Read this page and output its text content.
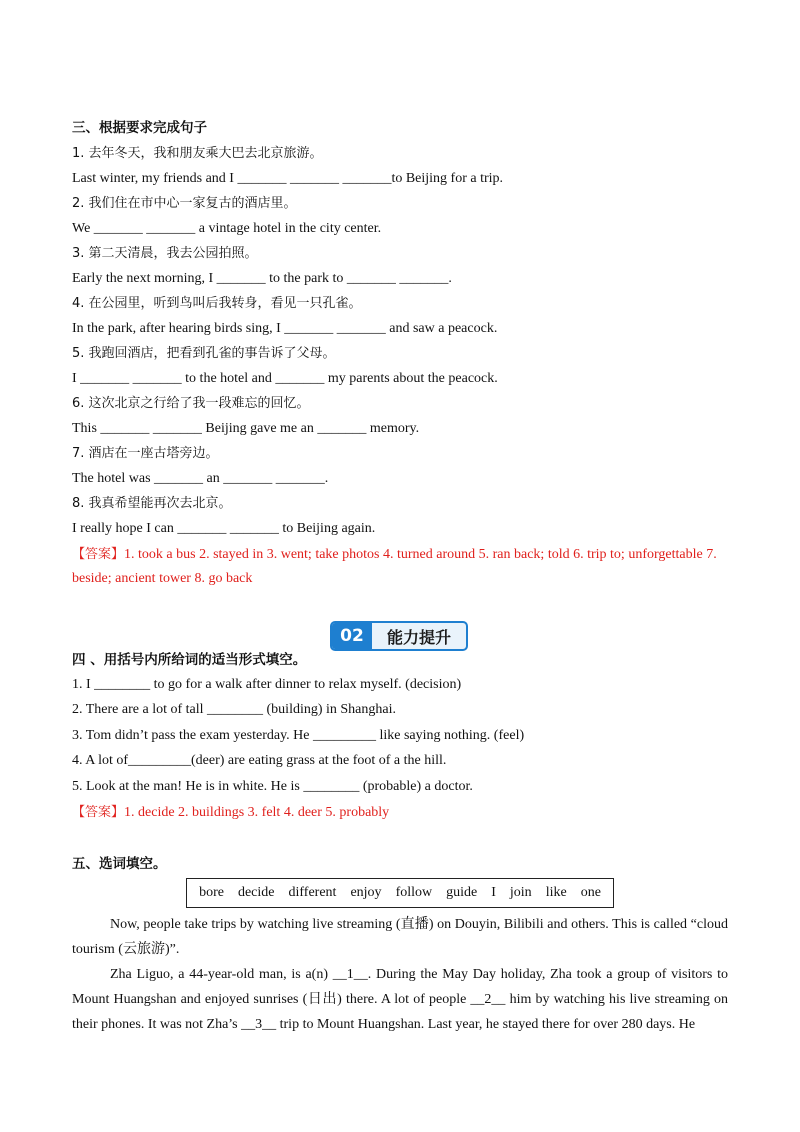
三、根据要求完成句子
1. 去年冬天，我和朋友乘大巴去北京旅游。
Last winter, my friends and I _______ _______ _______to Beijing for a trip.
2. 我们住在市中心一家复古的酒店里。
We _______ _______ a vintage hotel in the city center.
3. 第二天清晨，我去公园拍照。
Early the next morning, I _______ to the park to _______ _______.
4. 在公园里，听到鸟叫后我转身，看见一只孔雀。
In the park, after hearing birds sing, I _______ _______ and saw a peacock.
5. 我跑回酒店，把看到孔雀的事告诉了父母。
I _______ _______ to the hotel and _______ my parents about the peacock.
6. 这次北京之行给了我一段难忘的回忆。
This _______ _______ Beijing gave me an _______ memory.
7. 酒店在一座古塔旁边。
The hotel was _______ an _______ _______.
8. 我真希望能再次去北京。
I really hope I can _______ _______ to Beijing again.
【答案】1. took a bus 2. stayed in 3. went; take photos 4. turned around 5. ran back; told 6. trip to; unforgettable 7. beside; ancient tower 8. go back
02	能力提升
四 、用括号内所给词的适当形式填空。
1. I ________ to go for a walk after dinner to relax myself. (decision)
2. There are a lot of tall ________ (building) in Shanghai.
3. Tom didn’t pass the exam yesterday. He _________ like saying nothing. (feel)
4. A lot of_________(deer) are eating grass at the foot of a the hill.
5. Look at the man! He is in white. He is ________ (probable) a doctor.
【答案】1. decide 2. buildings 3. felt 4. deer 5. probably
五、选词填空。
bore decide different enjoy follow guide I join like one
Now, people take trips by watching live streaming (直播) on Douyin, Bilibili and others. This is called “cloud tourism (云旅游)”.
Zha Liguo, a 44-year-old man, is a(n) __1__. During the May Day holiday, Zha took a group of visitors to Mount Huangshan and enjoyed sunrises (日出) there. A lot of people __2__ him by watching his live streaming on their phones. It was not Zha’s __3__ trip to Mount Huangshan. Last year, he stayed there for over 280 days. He
